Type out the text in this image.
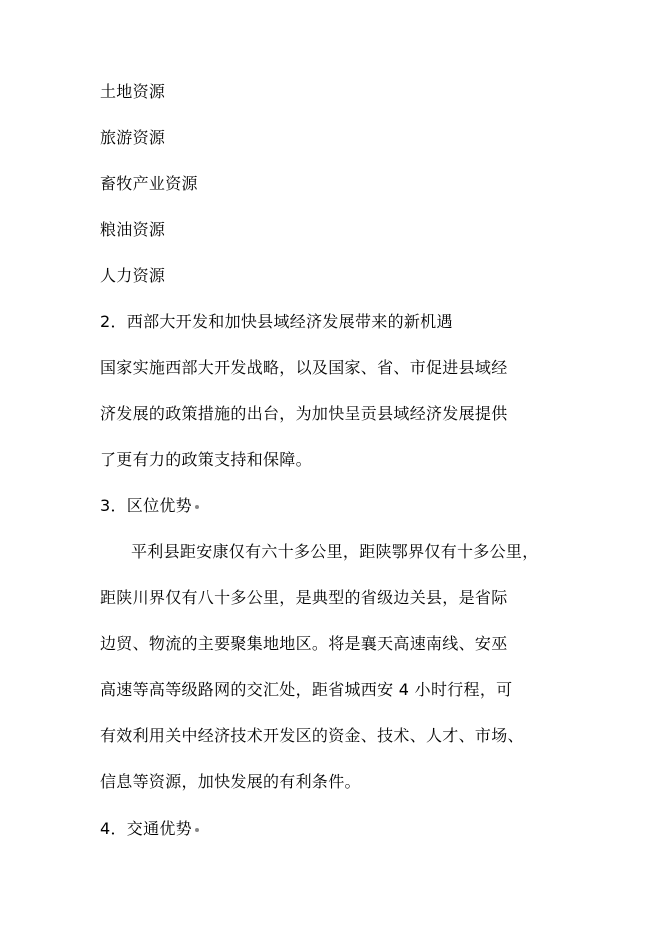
土地资源
旅游资源
畜牧产业资源
粮油资源
人力资源
2．西部大开发和加快县域经济发展带来的新机遇
国家实施西部大开发战略，以及国家、省、市促进县域经
济发展的政策措施的出台，为加快呈贡县域经济发展提供
了更有力的政策支持和保障。
3．区位优势
平利县距安康仅有六十多公里，距陕鄂界仅有十多公里，
距陕川界仅有八十多公里，是典型的省级边关县，是省际
边贸、物流的主要聚集地地区。将是襄天高速南线、安巫
高速等高等级路网的交汇处，距省城西安 4 小时行程，可
有效利用关中经济技术开发区的资金、技术、人才、市场、
信息等资源，加快发展的有利条件。
4．交通优势
